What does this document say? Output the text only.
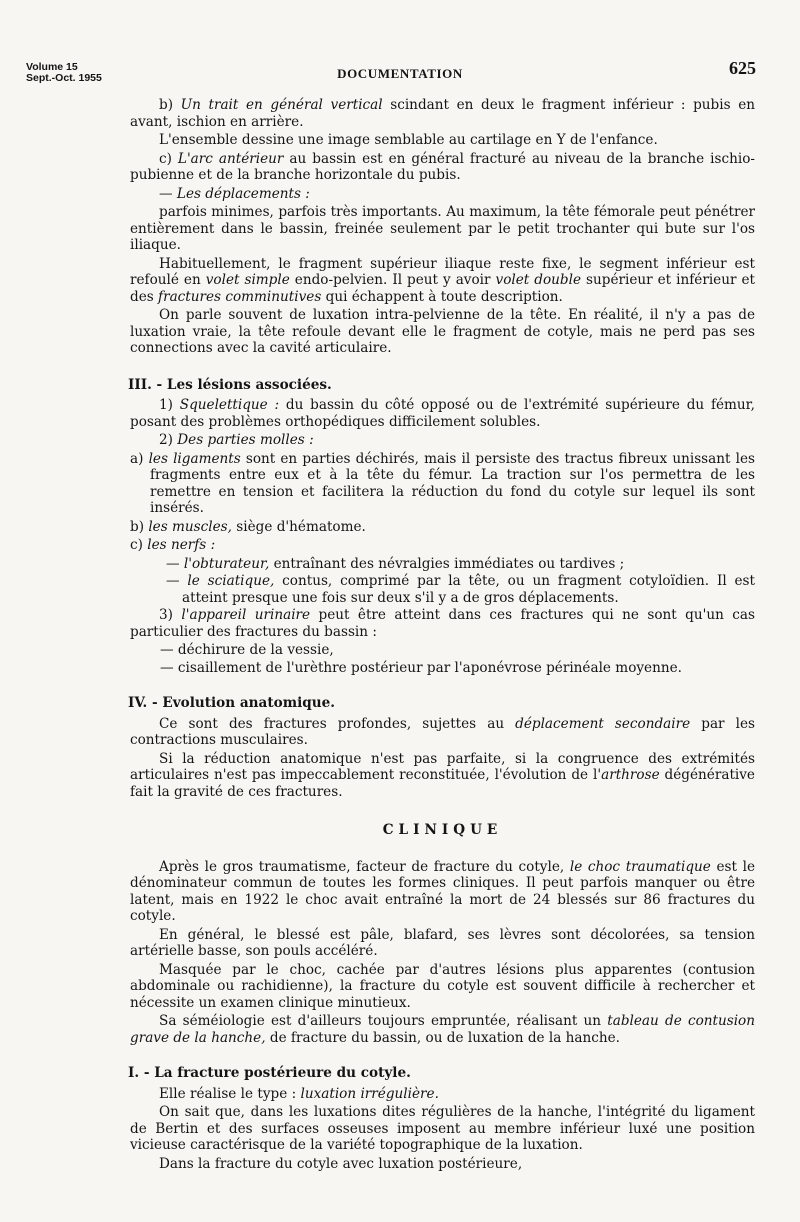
Volume 15
Sept.-Oct. 1955	DOCUMENTATION	625

b) Un trait en général vertical scindant en deux le fragment inférieur : pubis en avant, ischion en arrière.

L'ensemble dessine une image semblable au cartilage en Y de l'enfance.

c) L'arc antérieur au bassin est en général fracturé au niveau de la branche ischio-pubienne et de la branche horizontale du pubis.

— Les déplacements :

parfois minimes, parfois très importants. Au maximum, la tête fémorale peut pénétrer entièrement dans le bassin, freinée seulement par le petit trochanter qui bute sur l'os iliaque.

Habituellement, le fragment supérieur iliaque reste fixe, le segment inférieur est refoulé en volet simple endo-pelvien. Il peut y avoir volet double supérieur et inférieur et des fractures comminutives qui échappent à toute description.

On parle souvent de luxation intra-pelvienne de la tête. En réalité, il n'y a pas de luxation vraie, la tête refoule devant elle le fragment de cotyle, mais ne perd pas ses connections avec la cavité articulaire.

III. - Les lésions associées.

1) Squelettique : du bassin du côté opposé ou de l'extrémité supérieure du fémur, posant des problèmes orthopédiques difficilement solubles.

2) Des parties molles :

a) les ligaments sont en parties déchirés, mais il persiste des tractus fibreux unissant les fragments entre eux et à la tête du fémur. La traction sur l'os permettra de les remettre en tension et facilitera la réduction du fond du cotyle sur lequel ils sont insérés.

b) les muscles, siège d'hématome.

c) les nerfs :

— l'obturateur, entraînant des névralgies immédiates ou tardives ;

— le sciatique, contus, comprimé par la tête, ou un fragment cotyloïdien. Il est atteint presque une fois sur deux s'il y a de gros déplacements.

3) l'appareil urinaire peut être atteint dans ces fractures qui ne sont qu'un cas particulier des fractures du bassin :

— déchirure de la vessie,

— cisaillement de l'urèthre postérieur par l'aponévrose périnéale moyenne.

IV. - Evolution anatomique.

Ce sont des fractures profondes, sujettes au déplacement secondaire par les contractions musculaires.

Si la réduction anatomique n'est pas parfaite, si la congruence des extrémités articulaires n'est pas impeccablement reconstituée, l'évolution de l'arthrose dégénérative fait la gravité de ces fractures.

CLINIQUE

Après le gros traumatisme, facteur de fracture du cotyle, le choc traumatique est le dénominateur commun de toutes les formes cliniques. Il peut parfois manquer ou être latent, mais en 1922 le choc avait entraîné la mort de 24 blessés sur 86 fractures du cotyle.

En général, le blessé est pâle, blafard, ses lèvres sont décolorées, sa tension artérielle basse, son pouls accéléré.

Masquée par le choc, cachée par d'autres lésions plus apparentes (contusion abdominale ou rachidienne), la fracture du cotyle est souvent difficile à rechercher et nécessite un examen clinique minutieux.

Sa séméiologie est d'ailleurs toujours empruntée, réalisant un tableau de contusion grave de la hanche, de fracture du bassin, ou de luxation de la hanche.

I. - La fracture postérieure du cotyle.

Elle réalise le type : luxation irrégulière.

On sait que, dans les luxations dites régulières de la hanche, l'intégrité du ligament de Bertin et des surfaces osseuses imposent au membre inférieur luxé une position vicieuse caractérisque de la variété topographique de la luxation.

Dans la fracture du cotyle avec luxation postérieure,
